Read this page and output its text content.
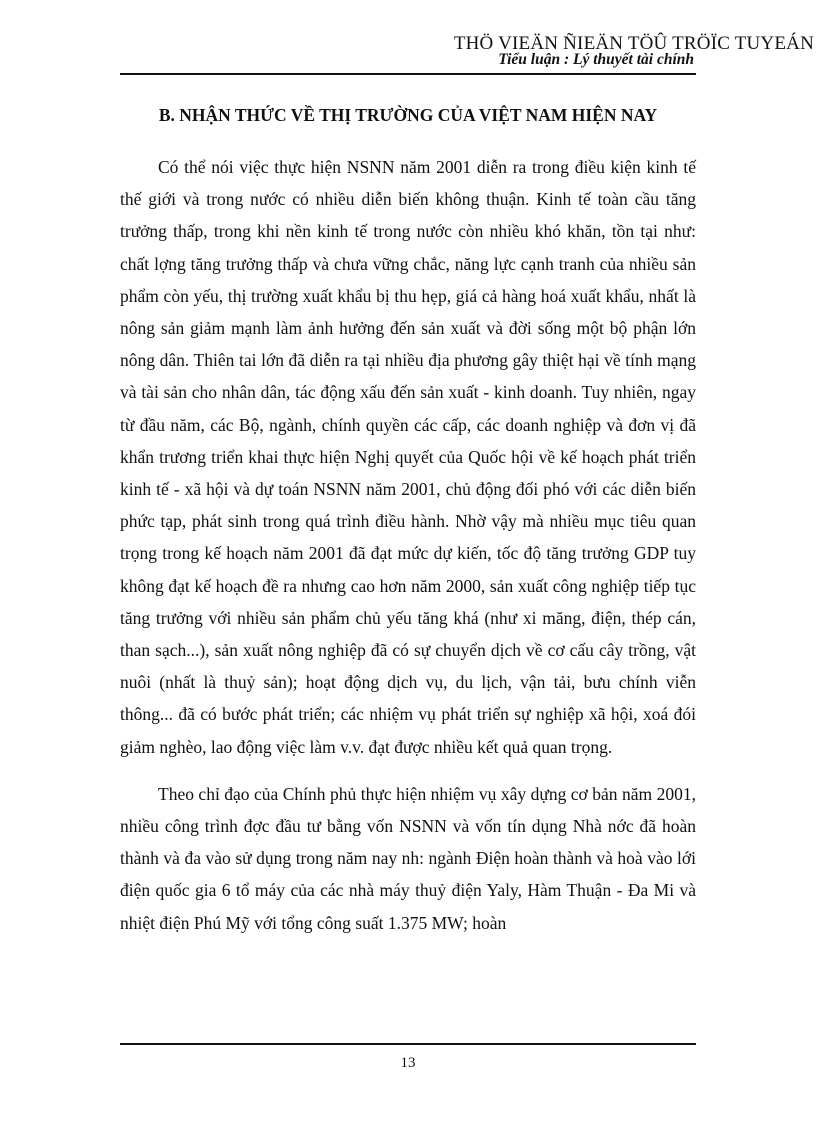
THÖ VIEÄN ÑIEÄN TÖÛ TRÖÏC TUYEÁN
Tiểu luận : Lý thuyết tài chính
B. NHẬN THỨC VỀ THỊ TRƯỜNG CỦA VIỆT NAM HIỆN NAY

Có thể nói việc thực hiện NSNN năm 2001 diễn ra trong điều kiện kinh tế thế giới và trong nước có nhiều diễn biến không thuận. Kinh tế toàn cầu tăng trưởng thấp, trong khi nền kinh tế trong nước còn nhiều khó khăn, tồn tại như: chất lợng tăng trưởng thấp và chưa vững chắc, năng lực cạnh tranh của nhiều sản phẩm còn yếu, thị trường xuất khẩu bị thu hẹp, giá cả hàng hoá xuất khẩu, nhất là nông sản giảm mạnh làm ảnh hưởng đến sản xuất và đời sống một bộ phận lớn nông dân. Thiên tai lớn đã diễn ra tại nhiều địa phương gây thiệt hại về tính mạng và tài sản cho nhân dân, tác động xấu đến sản xuất - kinh doanh. Tuy nhiên, ngay từ đầu năm, các Bộ, ngành, chính quyền các cấp, các doanh nghiệp và đơn vị đã khẩn trương triển khai thực hiện Nghị quyết của Quốc hội về kế hoạch phát triển kinh tế - xã hội và dự toán NSNN năm 2001, chủ động đối phó với các diễn biến phức tạp, phát sinh trong quá trình điều hành. Nhờ vậy mà nhiều mục tiêu quan trọng trong kế hoạch năm 2001 đã đạt mức dự kiến, tốc độ tăng trưởng GDP tuy không đạt kế hoạch đề ra nhưng cao hơn năm 2000, sản xuất công nghiệp tiếp tục tăng trưởng với nhiều sản phẩm chủ yếu tăng khá (như xi măng, điện, thép cán, than sạch...), sản xuất nông nghiệp đã có sự chuyển dịch về cơ cấu cây trồng, vật nuôi (nhất là thuỷ sản); hoạt động dịch vụ, du lịch, vận tải, bưu chính viễn thông... đã có bước phát triển; các nhiệm vụ phát triển sự nghiệp xã hội, xoá đói giảm nghèo, lao động việc làm v.v. đạt được nhiều kết quả quan trọng.

Theo chỉ đạo của Chính phủ thực hiện nhiệm vụ xây dựng cơ bản năm 2001, nhiều công trình đợc đầu tư bằng vốn NSNN và vốn tín dụng Nhà nớc đã hoàn thành và đa vào sử dụng trong năm nay nh: ngành Điện hoàn thành và hoà vào lới điện quốc gia 6 tổ máy của các nhà máy thuỷ điện Yaly, Hàm Thuận - Đa Mi và nhiệt điện Phú Mỹ với tổng công suất 1.375 MW; hoàn

13
